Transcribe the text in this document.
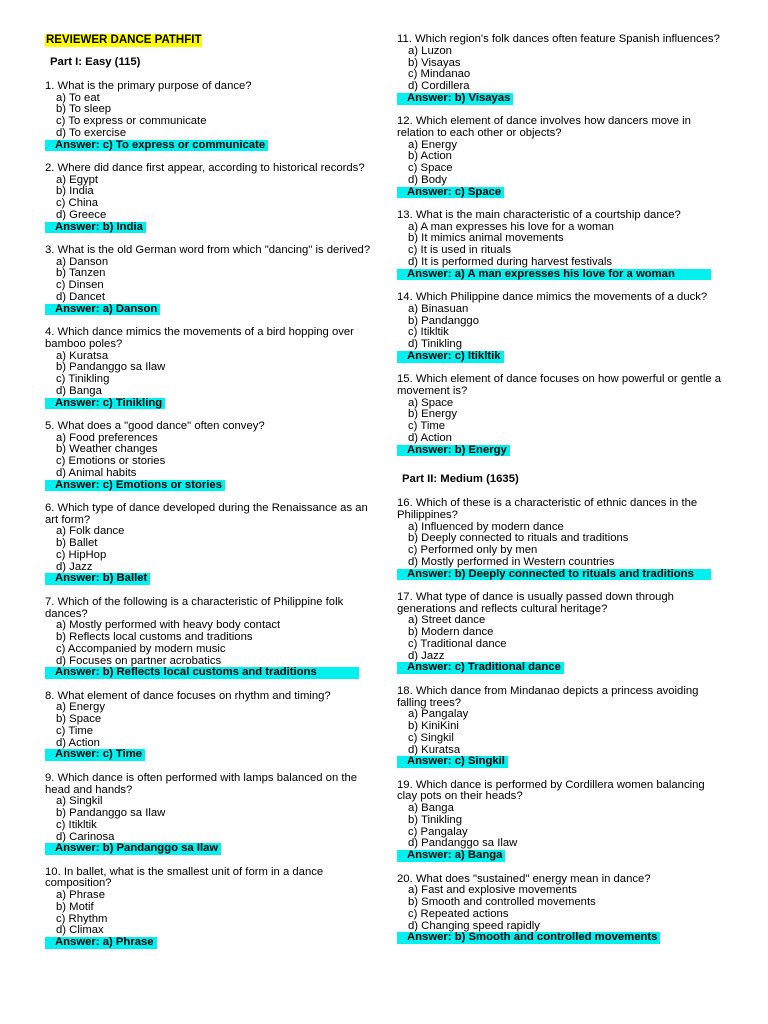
REVIEWER DANCE PATHFIT
Part I: Easy (115)
1. What is the primary purpose of dance?
a) To eat
b) To sleep
c) To express or communicate
d) To exercise
Answer: c) To express or communicate
2. Where did dance first appear, according to historical records?
a) Egypt
b) India
c) China
d) Greece
Answer: b) India
3. What is the old German word from which "dancing" is derived?
a) Danson
b) Tanzen
c) Dinsen
d) Dancet
Answer: a) Danson
4. Which dance mimics the movements of a bird hopping over bamboo poles?
a) Kuratsa
b) Pandanggo sa Ilaw
c) Tinikling
d) Banga
Answer: c) Tinikling
5. What does a "good dance" often convey?
a) Food preferences
b) Weather changes
c) Emotions or stories
d) Animal habits
Answer: c) Emotions or stories
6. Which type of dance developed during the Renaissance as an art form?
a) Folk dance
b) Ballet
c) HipHop
d) Jazz
Answer: b) Ballet
7. Which of the following is a characteristic of Philippine folk dances?
a) Mostly performed with heavy body contact
b) Reflects local customs and traditions
c) Accompanied by modern music
d) Focuses on partner acrobatics
Answer: b) Reflects local customs and traditions
8. What element of dance focuses on rhythm and timing?
a) Energy
b) Space
c) Time
d) Action
Answer: c) Time
9. Which dance is often performed with lamps balanced on the head and hands?
a) Singkil
b) Pandanggo sa Ilaw
c) Itikltik
d) Carinosa
Answer: b) Pandanggo sa Ilaw
10. In ballet, what is the smallest unit of form in a dance composition?
a) Phrase
b) Motif
c) Rhythm
d) Climax
Answer: a) Phrase
11. Which region's folk dances often feature Spanish influences?
a) Luzon
b) Visayas
c) Mindanao
d) Cordillera
Answer: b) Visayas
12. Which element of dance involves how dancers move in relation to each other or objects?
a) Energy
b) Action
c) Space
d) Body
Answer: c) Space
13. What is the main characteristic of a courtship dance?
a) A man expresses his love for a woman
b) It mimics animal movements
c) It is used in rituals
d) It is performed during harvest festivals
Answer: a) A man expresses his love for a woman
14. Which Philippine dance mimics the movements of a duck?
a) Binasuan
b) Pandanggo
c) Itikltik
d) Tinikling
Answer: c) Itikltik
15. Which element of dance focuses on how powerful or gentle a movement is?
a) Space
b) Energy
c) Time
d) Action
Answer: b) Energy
Part II: Medium (1635)
16. Which of these is a characteristic of ethnic dances in the Philippines?
a) Influenced by modern dance
b) Deeply connected to rituals and traditions
c) Performed only by men
d) Mostly performed in Western countries
Answer: b) Deeply connected to rituals and traditions
17. What type of dance is usually passed down through generations and reflects cultural heritage?
a) Street dance
b) Modern dance
c) Traditional dance
d) Jazz
Answer: c) Traditional dance
18. Which dance from Mindanao depicts a princess avoiding falling trees?
a) Pangalay
b) KiniKini
c) Singkil
d) Kuratsa
Answer: c) Singkil
19. Which dance is performed by Cordillera women balancing clay pots on their heads?
a) Banga
b) Tinikling
c) Pangalay
d) Pandanggo sa Ilaw
Answer: a) Banga
20. What does "sustained" energy mean in dance?
a) Fast and explosive movements
b) Smooth and controlled movements
c) Repeated actions
d) Changing speed rapidly
Answer: b) Smooth and controlled movements
